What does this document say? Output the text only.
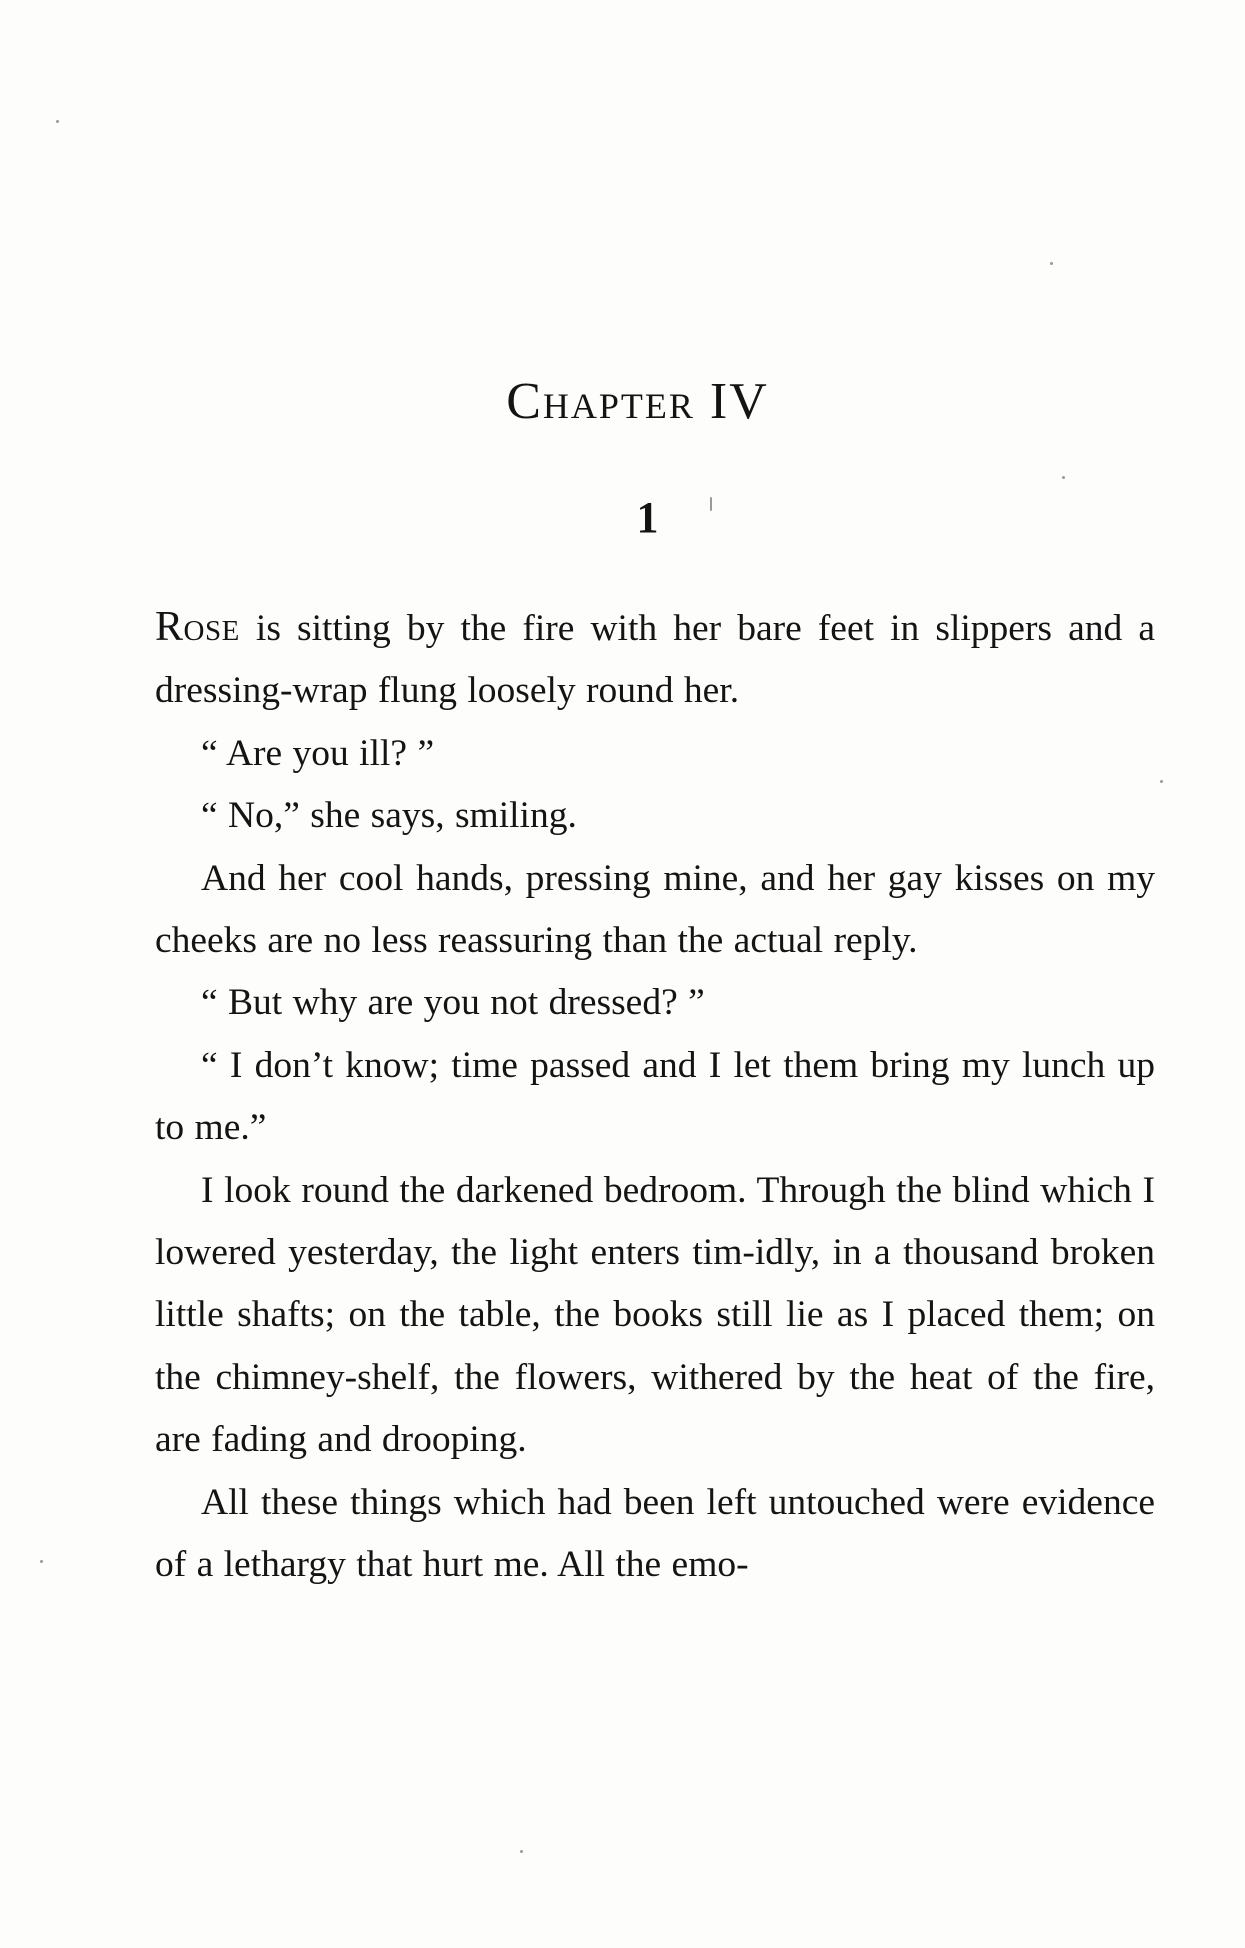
Chapter IV
1

Rose is sitting by the fire with her bare feet in slippers and a dressing-wrap flung loosely round her.

“ Are you ill? ”

“ No,” she says, smiling.

And her cool hands, pressing mine, and her gay kisses on my cheeks are no less reassuring than the actual reply.

“ But why are you not dressed? ”

“ I don’t know; time passed and I let them bring my lunch up to me.”

I look round the darkened bedroom. Through the blind which I lowered yesterday, the light enters tim-idly, in a thousand broken little shafts; on the table, the books still lie as I placed them; on the chimney-shelf, the flowers, withered by the heat of the fire, are fading and drooping.

All these things which had been left untouched were evidence of a lethargy that hurt me. All the emo-
